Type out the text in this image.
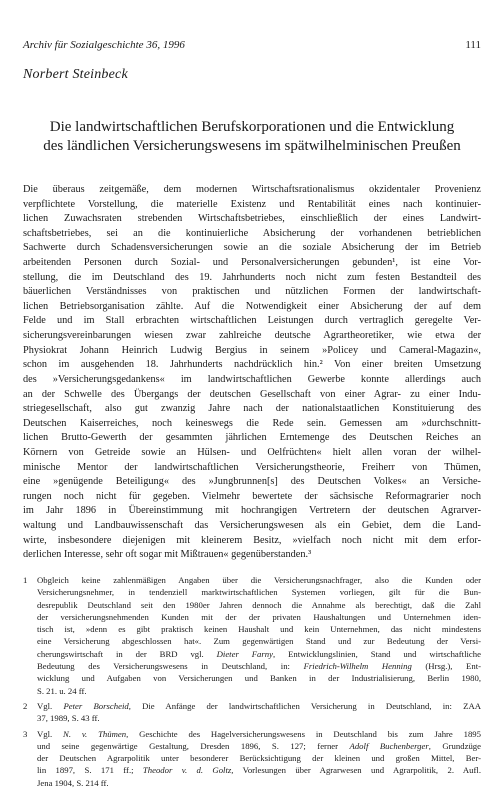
Archiv für Sozialgeschichte 36, 1996	111
Norbert Steinbeck
Die landwirtschaftlichen Berufskorporationen und die Entwicklung
des ländlichen Versicherungswesens im spätwilhelminischen Preußen
Die überaus zeitgemäße, dem modernen Wirtschaftsrationalismus okzidentaler Provenienz
verpflichtete Vorstellung, die materielle Existenz und Rentabilität eines nach kontinuier-
lichen Zuwachsraten strebenden Wirtschaftsbetriebes, einschließlich der eines Landwirt-
schaftsbetriebes, sei an die kontinuierliche Absicherung der vorhandenen betrieblichen
Sachwerte durch Schadensversicherungen sowie an die soziale Absicherung der im Betrieb
arbeitenden Personen durch Sozial- und Personalversicherungen gebunden¹, ist eine Vor-
stellung, die im Deutschland des 19. Jahrhunderts noch nicht zum festen Bestandteil des
bäuerlichen Verständnisses von praktischen und nützlichen Formen der landwirtschaft-
lichen Betriebsorganisation zählte. Auf die Notwendigkeit einer Absicherung der auf dem
Felde und im Stall erbrachten wirtschaftlichen Leistungen durch vertraglich geregelte Ver-
sicherungsvereinbarungen wiesen zwar zahlreiche deutsche Agrartheoretiker, wie etwa der
Physiokrat Johann Heinrich Ludwig Bergius in seinem »Policey und Cameral-Magazin«,
schon im ausgehenden 18. Jahrhunderts nachdrücklich hin.² Von einer breiten Umsetzung
des »Versicherungsgedankens« im landwirtschaftlichen Gewerbe konnte allerdings auch
an der Schwelle des Übergangs der deutschen Gesellschaft von einer Agrar- zu einer Indu-
striegesellschaft, also gut zwanzig Jahre nach der nationalstaatlichen Konstituierung des
Deutschen Kaiserreiches, noch keineswegs die Rede sein. Gemessen am »durchschnitt-
lichen Brutto-Gewerth der gesammten jährlichen Erntemenge des Deutschen Reiches an
Körnern von Getreide sowie an Hülsen- und Oelfrüchten« hielt allen voran der wilhel-
minische Mentor der landwirtschaftlichen Versicherungstheorie, Freiherr von Thümen,
eine »genügende Beteiligung« des »Jungbrunnen[s] des Deutschen Volkes« an Versiche-
rungen noch nicht für gegeben. Vielmehr bewertete der sächsische Reformagrarier noch
im Jahr 1896 in Übereinstimmung mit hochrangigen Vertretern der deutschen Agrarver-
waltung und Landbauwissenschaft das Versicherungswesen als ein Gebiet, dem die Land-
wirte, insbesondere diejenigen mit kleinerem Besitz, »vielfach noch nicht mit dem erfor-
derlichen Interesse, sehr oft sogar mit Mißtrauen« gegenüberstanden.³
1	Obgleich keine zahlenmäßigen Angaben über die Versicherungsnachfrager, also die Kunden oder
Versicherungsnehmer, in tendenziell marktwirtschaftlichen Systemen vorliegen, gilt für die Bun-
desrepublik Deutschland seit den 1980er Jahren dennoch die Annahme als berechtigt, daß die Zahl
der versicherungsnehmenden Kunden mit der der privaten Haushaltungen und Unternehmen iden-
tisch ist, »denn es gibt praktisch keinen Haushalt und kein Unternehmen, das nicht mindestens
eine Versicherung abgeschlossen hat«. Zum gegenwärtigen Stand und zur Bedeutung der Versi-
cherungswirtschaft in der BRD vgl. Dieter Farny, Entwicklungslinien, Stand und wirtschaftliche
Bedeutung des Versicherungswesens in Deutschland, in: Friedrich-Wilhelm Henning (Hrsg.), Ent-
wicklung und Aufgaben von Versicherungen und Banken in der Industrialisierung, Berlin 1980,
S. 21. u. 24 ff.
2	Vgl. Peter Borscheid, Die Anfänge der landwirtschaftlichen Versicherung in Deutschland, in: ZAA
37, 1989, S. 43 ff.
3	Vgl. N. v. Thümen, Geschichte des Hagelversicherungswesens in Deutschland bis zum Jahre 1895
und seine gegenwärtige Gestaltung, Dresden 1896, S. 127; ferner Adolf Buchenberger, Grundzüge
der Deutschen Agrarpolitik unter besonderer Berücksichtigung der kleinen und großen Mittel, Ber-
lin 1897, S. 171 ff.; Theodor v. d. Goltz, Vorlesungen über Agrarwesen und Agrarpolitik, 2. Aufl.
Jena 1904, S. 214 ff.
